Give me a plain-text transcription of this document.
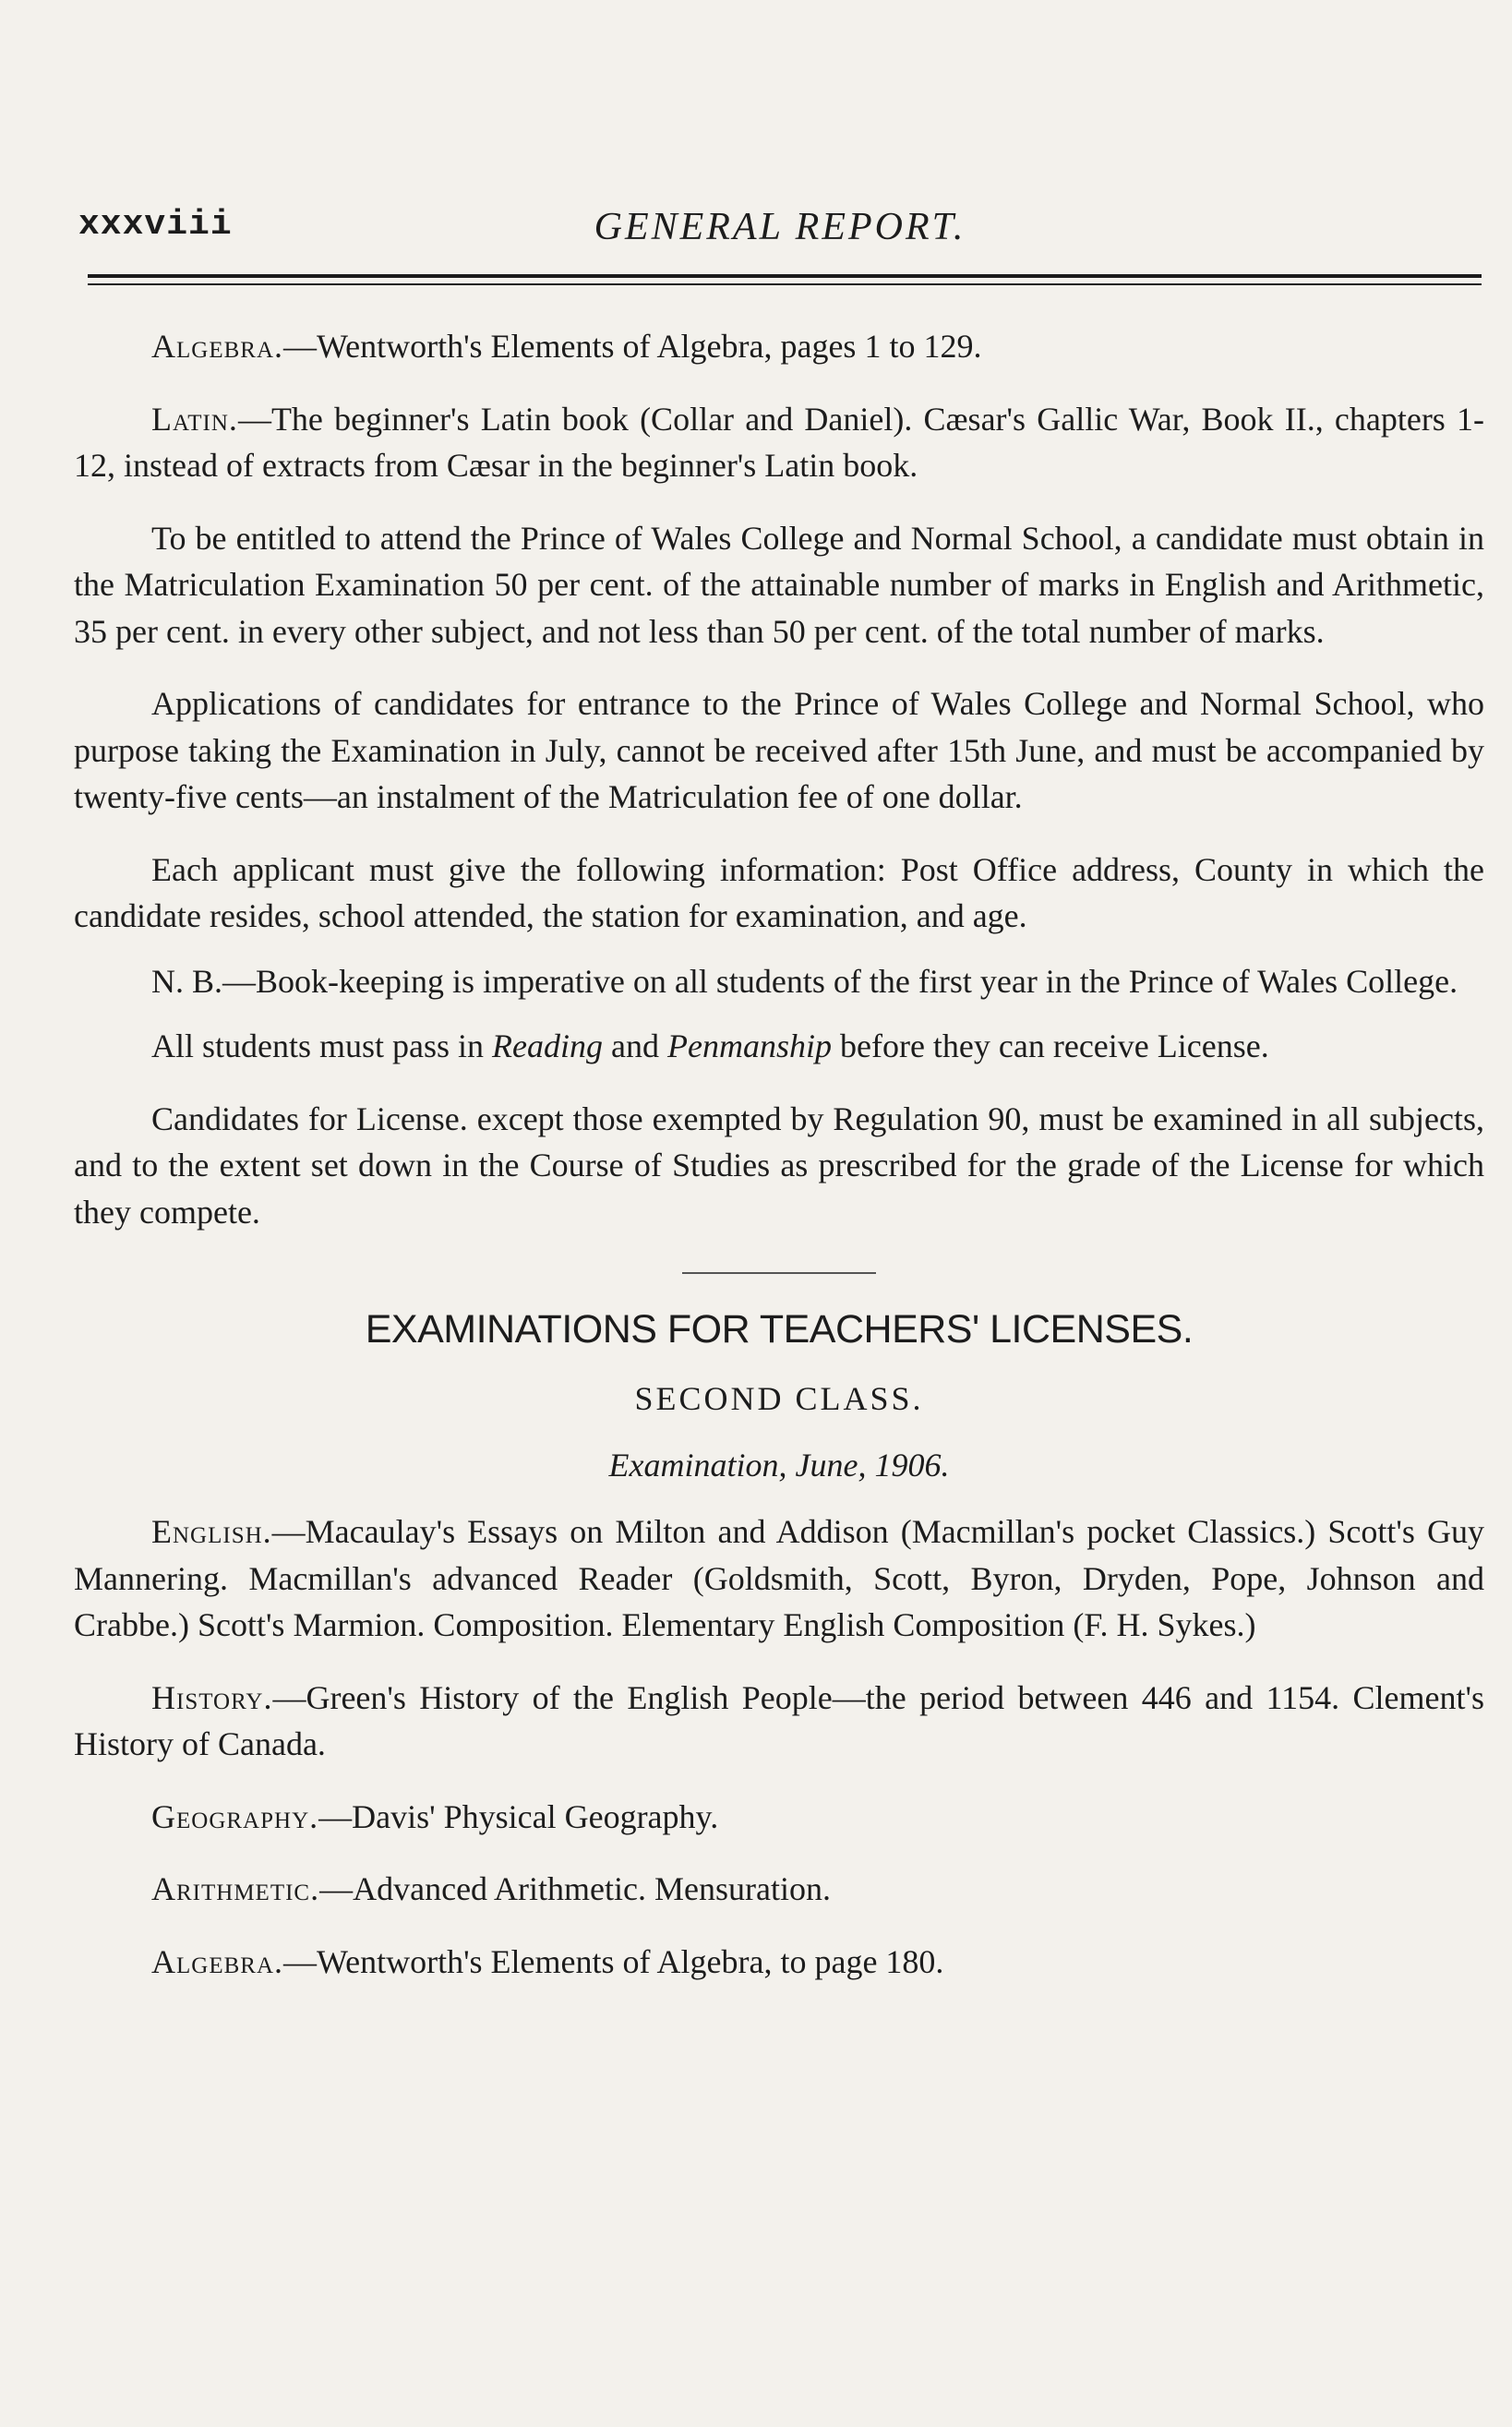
xxxviii	GENERAL REPORT.

Algebra.—Wentworth's Elements of Algebra, pages 1 to 129.

Latin.—The beginner's Latin book (Collar and Daniel). Cæsar's Gallic War, Book II., chapters 1-12, instead of extracts from Cæsar in the beginner's Latin book.

To be entitled to attend the Prince of Wales College and Normal School, a candidate must obtain in the Matriculation Examination 50 per cent. of the attainable number of marks in English and Arithmetic, 35 per cent. in every other subject, and not less than 50 per cent. of the total number of marks.

Applications of candidates for entrance to the Prince of Wales College and Normal School, who purpose taking the Examination in July, cannot be received after 15th June, and must be accompanied by twenty-five cents—an instalment of the Matriculation fee of one dollar.

Each applicant must give the following information: Post Office address, County in which the candidate resides, school attended, the station for examination, and age.

N. B.—Book-keeping is imperative on all students of the first year in the Prince of Wales College.

All students must pass in Reading and Penmanship before they can receive License.

Candidates for License. except those exempted by Regulation 90, must be examined in all subjects, and to the extent set down in the Course of Studies as prescribed for the grade of the License for which they compete.

EXAMINATIONS FOR TEACHERS' LICENSES.
SECOND CLASS.
Examination, June, 1906.

English.—Macaulay's Essays on Milton and Addison (Macmillan's pocket Classics.) Scott's Guy Mannering. Macmillan's advanced Reader (Goldsmith, Scott, Byron, Dryden, Pope, Johnson and Crabbe.) Scott's Marmion. Composition. Elementary English Composition (F. H. Sykes.)

History.—Green's History of the English People—the period between 446 and 1154. Clement's History of Canada.

Geography.—Davis' Physical Geography.

Arithmetic.—Advanced Arithmetic. Mensuration.

Algebra.—Wentworth's Elements of Algebra, to page 180.
